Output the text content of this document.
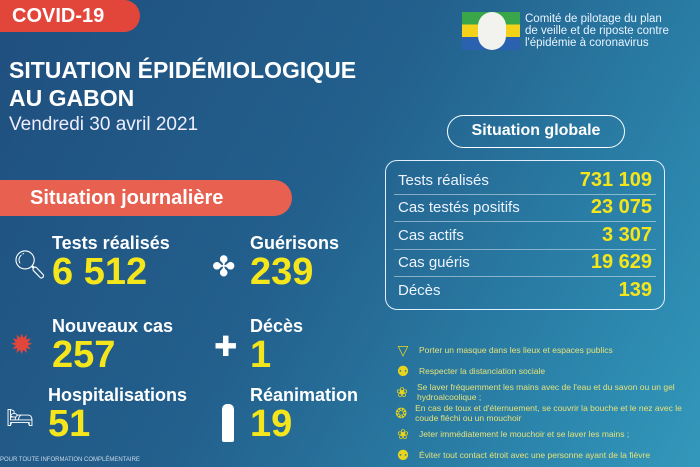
COVID-19
SITUATION ÉPIDÉMIOLOGIQUE
AU GABON
Vendredi 30 avril 2021
Comité de pilotage du plan
de veille et de riposte contre
l'épidémie à coronavirus
Situation globale
Tests réalisés	731 109
Cas testés positifs	23 075
Cas actifs	3 307
Cas guéris	19 629
Décès	139
Situation journalière
🔍︎
Tests réalisés
6 512	✤
Guérisons
239
✹
Nouveaux cas
257	✚
Décès
1
🛏︎
Hospitalisations
51
Réanimation
19
▽	Porter un masque dans les lieux et espaces publics
⚉ Respecter la distanciation sociale
❀ Se laver fréquemment les mains avec de l'eau et du savon ou un gel hydroalcoolique ;
❂ En cas de toux et d'éternuement, se couvrir la bouche et le nez avec le coude fléchi ou un mouchoir
❀ Jeter immédiatement le mouchoir et se laver les mains ;
⚉ Éviter tout contact étroit avec une personne ayant de la fièvre
POUR TOUTE INFORMATION COMPLÉMENTAIRE
